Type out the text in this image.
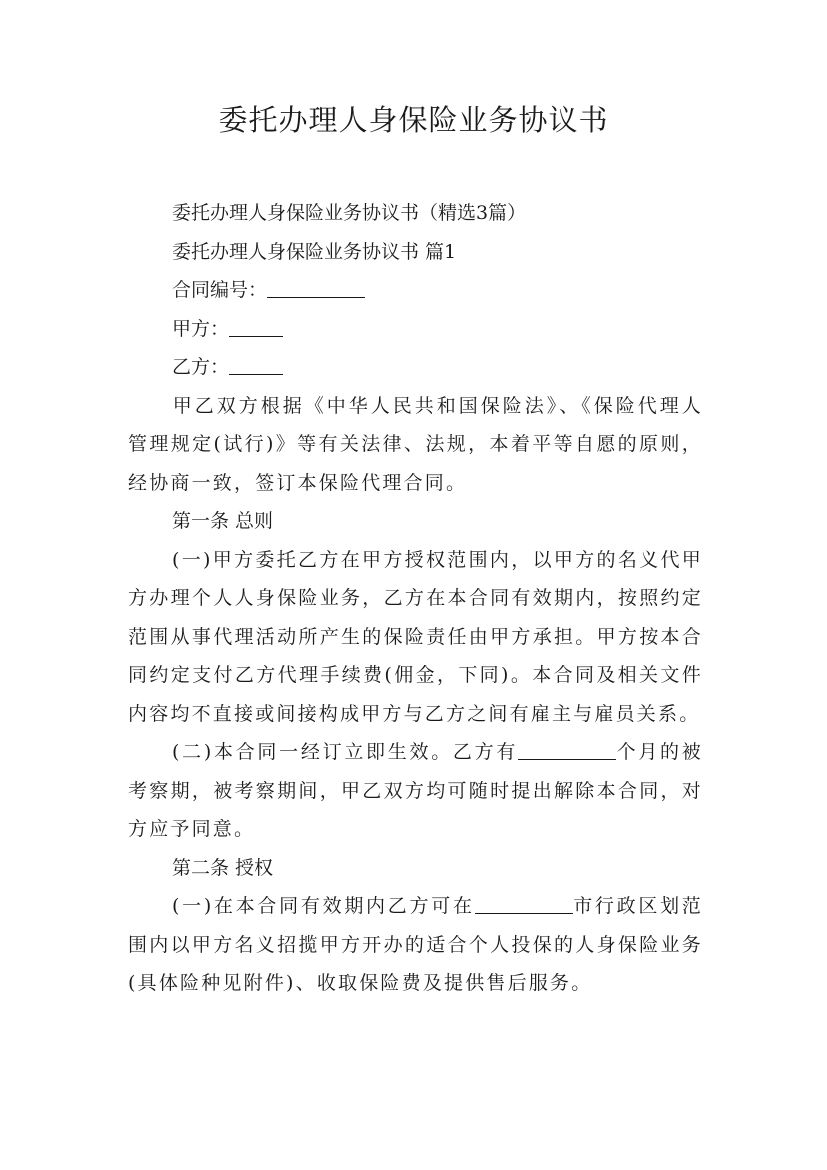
委托办理人身保险业务协议书
委托办理人身保险业务协议书（精选3篇）
委托办理人身保险业务协议书 篇1
合同编号：
甲方：
乙方：
甲乙双方根据《中华人民共和国保险法》、《保险代理人管理规定(试行)》等有关法律、法规，本着平等自愿的原则，经协商一致，签订本保险代理合同。
第一条 总则
(一)甲方委托乙方在甲方授权范围内，以甲方的名义代甲方办理个人人身保险业务，乙方在本合同有效期内，按照约定范围从事代理活动所产生的保险责任由甲方承担。甲方按本合同约定支付乙方代理手续费(佣金，下同)。本合同及相关文件内容均不直接或间接构成甲方与乙方之间有雇主与雇员关系。
(二)本合同一经订立即生效。乙方有	个月的被考察期，被考察期间，甲乙双方均可随时提出解除本合同，对方应予同意。
第二条 授权
(一)在本合同有效期内乙方可在	市行政区划范围内以甲方名义招揽甲方开办的适合个人投保的人身保险业务(具体险种见附件)、收取保险费及提供售后服务。
